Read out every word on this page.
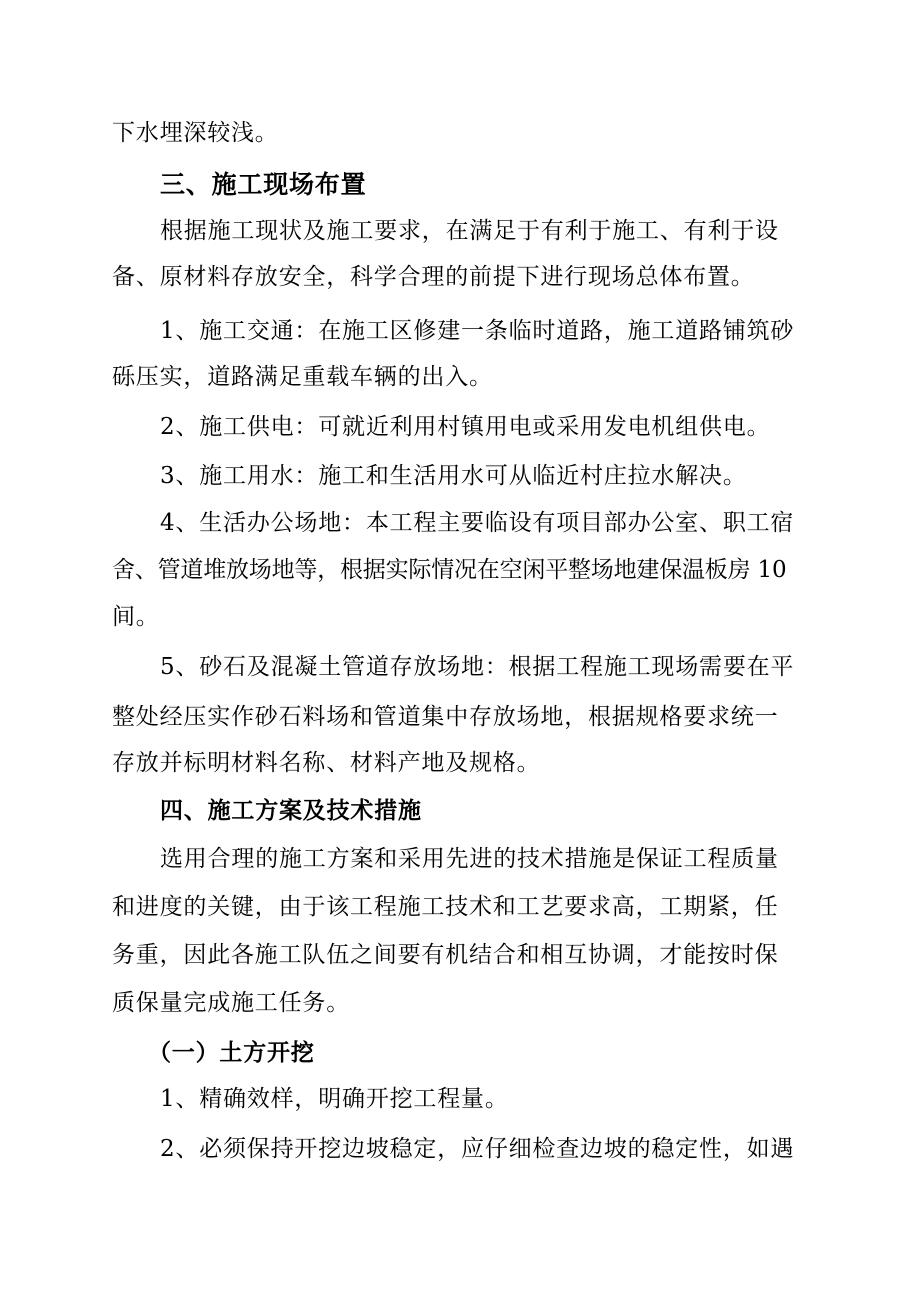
下水埋深较浅。
三、施工现场布置
根据施工现状及施工要求，在满足于有利于施工、有利于设
备、原材料存放安全，科学合理的前提下进行现场总体布置。
1、施工交通：在施工区修建一条临时道路，施工道路铺筑砂
砾压实，道路满足重载车辆的出入。
2、施工供电：可就近利用村镇用电或采用发电机组供电。
3、施工用水：施工和生活用水可从临近村庄拉水解决。
4、生活办公场地：本工程主要临设有项目部办公室、职工宿
舍、管道堆放场地等，根据实际情况在空闲平整场地建保温板房 10
间。
5、砂石及混凝土管道存放场地：根据工程施工现场需要在平
整处经压实作砂石料场和管道集中存放场地，根据规格要求统一
存放并标明材料名称、材料产地及规格。
四、施工方案及技术措施
选用合理的施工方案和采用先进的技术措施是保证工程质量
和进度的关键，由于该工程施工技术和工艺要求高，工期紧，任
务重，因此各施工队伍之间要有机结合和相互协调，才能按时保
质保量完成施工任务。
（一）土方开挖
1、精确效样，明确开挖工程量。
2、必须保持开挖边坡稳定，应仔细检查边坡的稳定性，如遇
